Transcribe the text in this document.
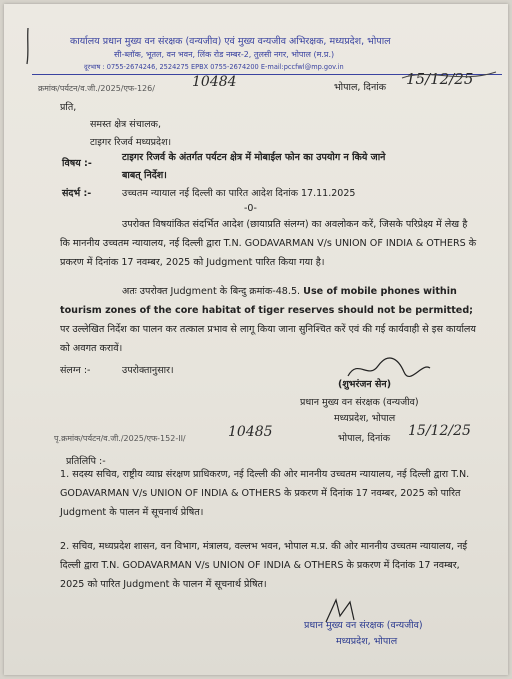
कार्यालय प्रधान मुख्य वन संरक्षक (वन्यजीव) एवं मुख्य वन्यजीव अभिरक्षक, मध्यप्रदेश, भोपाल
सी-ब्लॉक, भूतल, वन भवन, लिंक रोड नम्बर-2, तुलसी नगर, भोपाल (म.प्र.)
दूरभाष : 0755-2674246, 2524275 EPBX 0755-2674200 E-mail:pccfwl@mp.gov.in
क्रमांक/पर्यटन/व.जी./2025/एफ-126/	10484	भोपाल, दिनांक 15/12/25
प्रति,
समस्त क्षेत्र संचालक,
टाइगर रिजर्व मध्यप्रदेश।
विषय :-
टाइगर रिजर्व के अंतर्गत पर्यटन क्षेत्र में मोबाईल फोन का उपयोग न किये जाने
बाबत् निर्देश।
संदर्भ :-	उच्चतम न्यायाल नई दिल्ली का पारित आदेश दिनांक 17.11.2025
-0-
उपरोक्त विषयांकित संदर्भित आदेश (छायाप्रति संलग्न) का अवलोकन करें, जिसके परिप्रेक्ष्य में लेख है कि माननीय उच्चतम न्यायालय, नई दिल्ली द्वारा T.N. GODAVARMAN V/s UNION OF INDIA & OTHERS के प्रकरण में दिनांक 17 नवम्बर, 2025 को Judgment पारित किया गया है।
अतः उपरोक्त Judgment के बिन्दु क्रमांक-48.5. Use of mobile phones within tourism zones of the core habitat of tiger reserves should not be permitted; पर उल्लेखित निर्देश का पालन कर तत्काल प्रभाव से लागू किया जाना सुनिश्चित करें एवं की गई कार्यवाही से इस कार्यालय को अवगत करावें।
संलग्न :-	उपरोक्तानुसार।
(शुभरंजन सेन)
प्रधान मुख्य वन संरक्षक (वन्यजीव)
मध्यप्रदेश, भोपाल
पृ.क्रमांक/पर्यटन/व.जी./2025/एफ-152-II/	10485	भोपाल, दिनांक 15/12/25
प्रतिलिपि :-
1. सदस्य सचिव, राष्ट्रीय व्याघ्र संरक्षण प्राधिकरण, नई दिल्ली की ओर माननीय उच्चतम न्यायालय, नई दिल्ली द्वारा T.N. GODAVARMAN V/s UNION OF INDIA & OTHERS के प्रकरण में दिनांक 17 नवम्बर, 2025 को पारित Judgment के पालन में सूचनार्थ प्रेषित।
2. सचिव, मध्यप्रदेश शासन, वन विभाग, मंत्रालय, वल्लभ भवन, भोपाल म.प्र. की ओर माननीय उच्चतम न्यायालय, नई दिल्ली द्वारा T.N. GODAVARMAN V/s UNION OF INDIA & OTHERS के प्रकरण में दिनांक 17 नवम्बर, 2025 को पारित Judgment के पालन में सूचनार्थ प्रेषित।
प्रधान मुख्य वन संरक्षक (वन्यजीव)
मध्यप्रदेश, भोपाल
